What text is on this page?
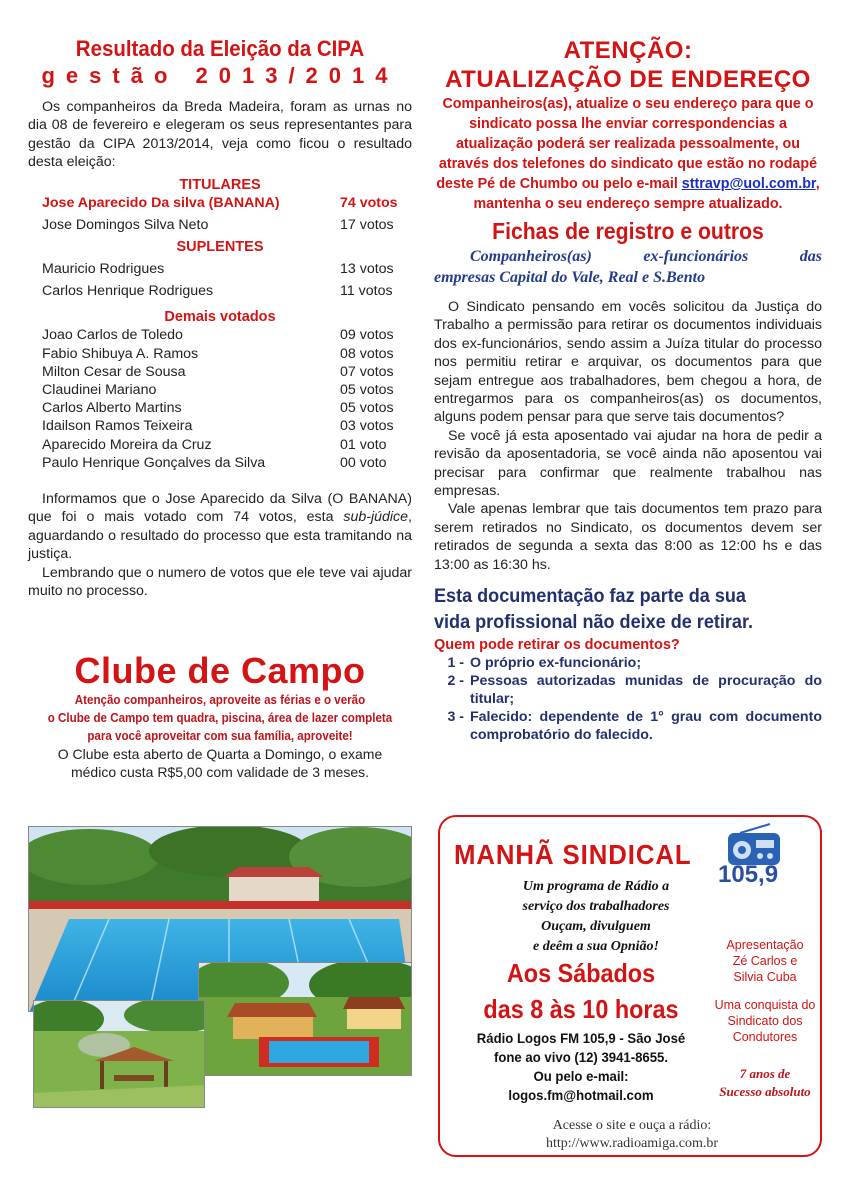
Resultado da Eleição da CIPA
gestão 2013/2014

Os companheiros da Breda Madeira, foram as urnas no dia 08 de fevereiro e elegeram os seus representantes para gestão da CIPA 2013/2014, veja como ficou o resultado desta eleição:

TITULARES
Jose Aparecido Da silva (BANANA)	74 votos
Jose Domingos Silva Neto	17 votos
SUPLENTES
Mauricio Rodrigues	13 votos
Carlos Henrique Rodrigues	11 votos
Demais votados
Joao Carlos de Toledo	09 votos
Fabio Shibuya A. Ramos	08 votos
Milton Cesar de Sousa	07 votos
Claudinei Mariano	05 votos
Carlos Alberto Martins	05 votos
Idailson Ramos Teixeira	03 votos
Aparecido Moreira da Cruz	01 voto
Paulo Henrique Gonçalves da Silva	00 voto

Informamos que o Jose Aparecido da Silva (O BANANA) que foi o mais votado com 74 votos, esta sub-júdice, aguardando o resultado do processo que esta tramitando na justiça.

Lembrando que o numero de votos que ele teve vai ajudar muito no processo.

Clube de Campo
Atenção companheiros, aproveite as férias e o verão
o Clube de Campo tem quadra, piscina, área de lazer completa
para você aproveitar com sua família, aproveite!
O Clube esta aberto de Quarta a Domingo, o exame
médico custa R$5,00 com validade de 3 meses.
ATENÇÃO:
ATUALIZAÇÃO DE ENDEREÇO
Companheiros(as), atualize o seu endereço para que o sindicato possa lhe enviar correspondencias a atualização poderá ser realizada pessoalmente, ou através dos telefones do sindicato que estão no rodapé deste Pé de Chumbo ou pelo e-mail sttravp@uol.com.br, mantenha o seu endereço sempre atualizado.
Fichas de registro e outros
Companheiros(as) ex-funcionários das
empresas Capital do Vale, Real e S.Bento

O Sindicato pensando em vocês solicitou da Justiça do Trabalho a permissão para retirar os documentos individuais dos ex-funcionários, sendo assim a Juíza titular do processo nos permitiu retirar e arquivar, os documentos para que sejam entregue aos trabalhadores, bem chegou a hora, de entregarmos para os companheiros(as) os documentos, alguns podem pensar para que serve tais documentos?

Se você já esta aposentado vai ajudar na hora de pedir a revisão da aposentadoria, se você ainda não aposentou vai precisar para confirmar que realmente trabalhou nas empresas.

Vale apenas lembrar que tais documentos tem prazo para serem retirados no Sindicato, os documentos devem ser retirados de segunda a sexta das 8:00 as 12:00 hs e das 13:00 as 16:30 hs.

Esta documentação faz parte da sua
vida profissional não deixe de retirar.
Quem pode retirar os documentos?
1 - O próprio ex-funcionário;
2 - Pessoas autorizadas munidas de procuração do titular;
3 - Falecido: dependente de 1° grau com documento comprobatório do falecido.
MANHÃ SINDICAL
105,9
Um programa de Rádio a
serviço dos trabalhadores
Ouçam, divulguem
e deêm a sua Opnião!
Aos Sábados
das 8 às 10 horas
Rádio Logos FM 105,9 - São José
fone ao vivo (12) 3941-8655.
Ou pelo e-mail:
logos.fm@hotmail.com
Apresentação
Zé Carlos e
Silvia Cuba
Uma conquista do
Sindicato dos
Condutores
7 anos de
Sucesso absoluto
Acesse o site e ouça a rádio:
http://www.radioamiga.com.br
